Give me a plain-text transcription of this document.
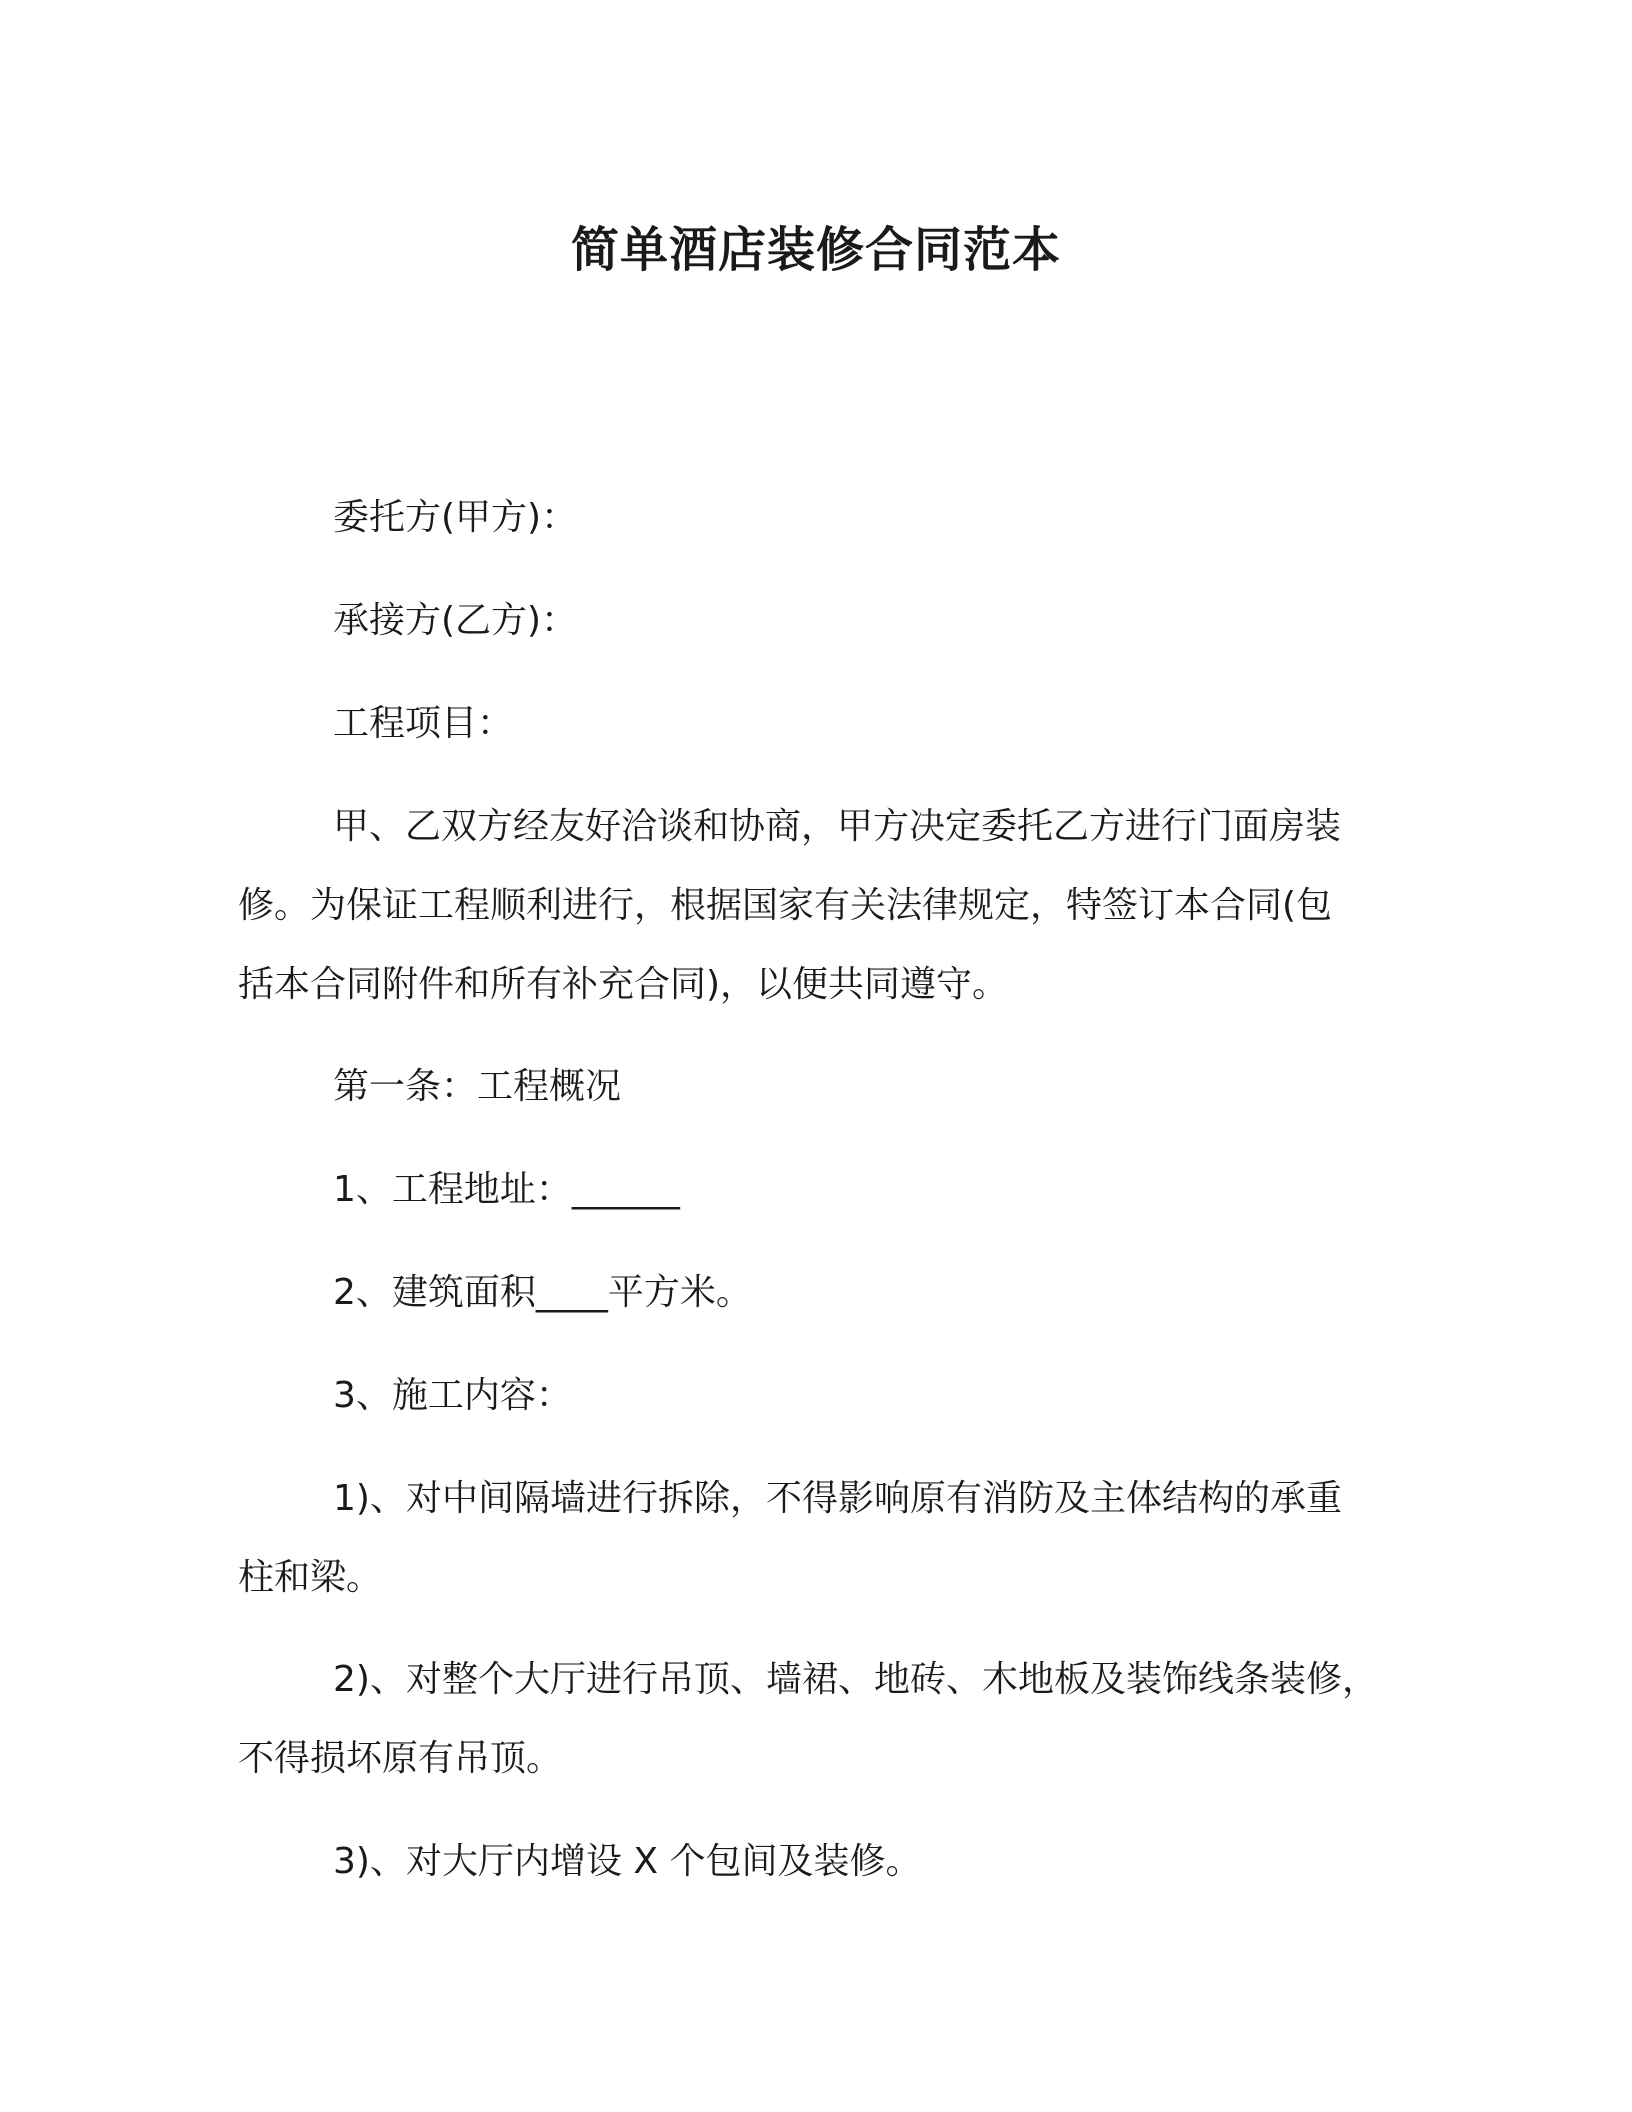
简单酒店装修合同范本
委托方(甲方)：
承接方(乙方)：
工程项目：
甲、乙双方经友好洽谈和协商，甲方决定委托乙方进行门面房装
修。为保证工程顺利进行，根据国家有关法律规定，特签订本合同(包
括本合同附件和所有补充合同)，以便共同遵守。
第一条：工程概况
1、工程地址：______
2、建筑面积____平方米。
3、施工内容：
1)、对中间隔墙进行拆除，不得影响原有消防及主体结构的承重
柱和梁。
2)、对整个大厅进行吊顶、墙裙、地砖、木地板及装饰线条装修，
不得损坏原有吊顶。
3)、对大厅内增设 X 个包间及装修。
